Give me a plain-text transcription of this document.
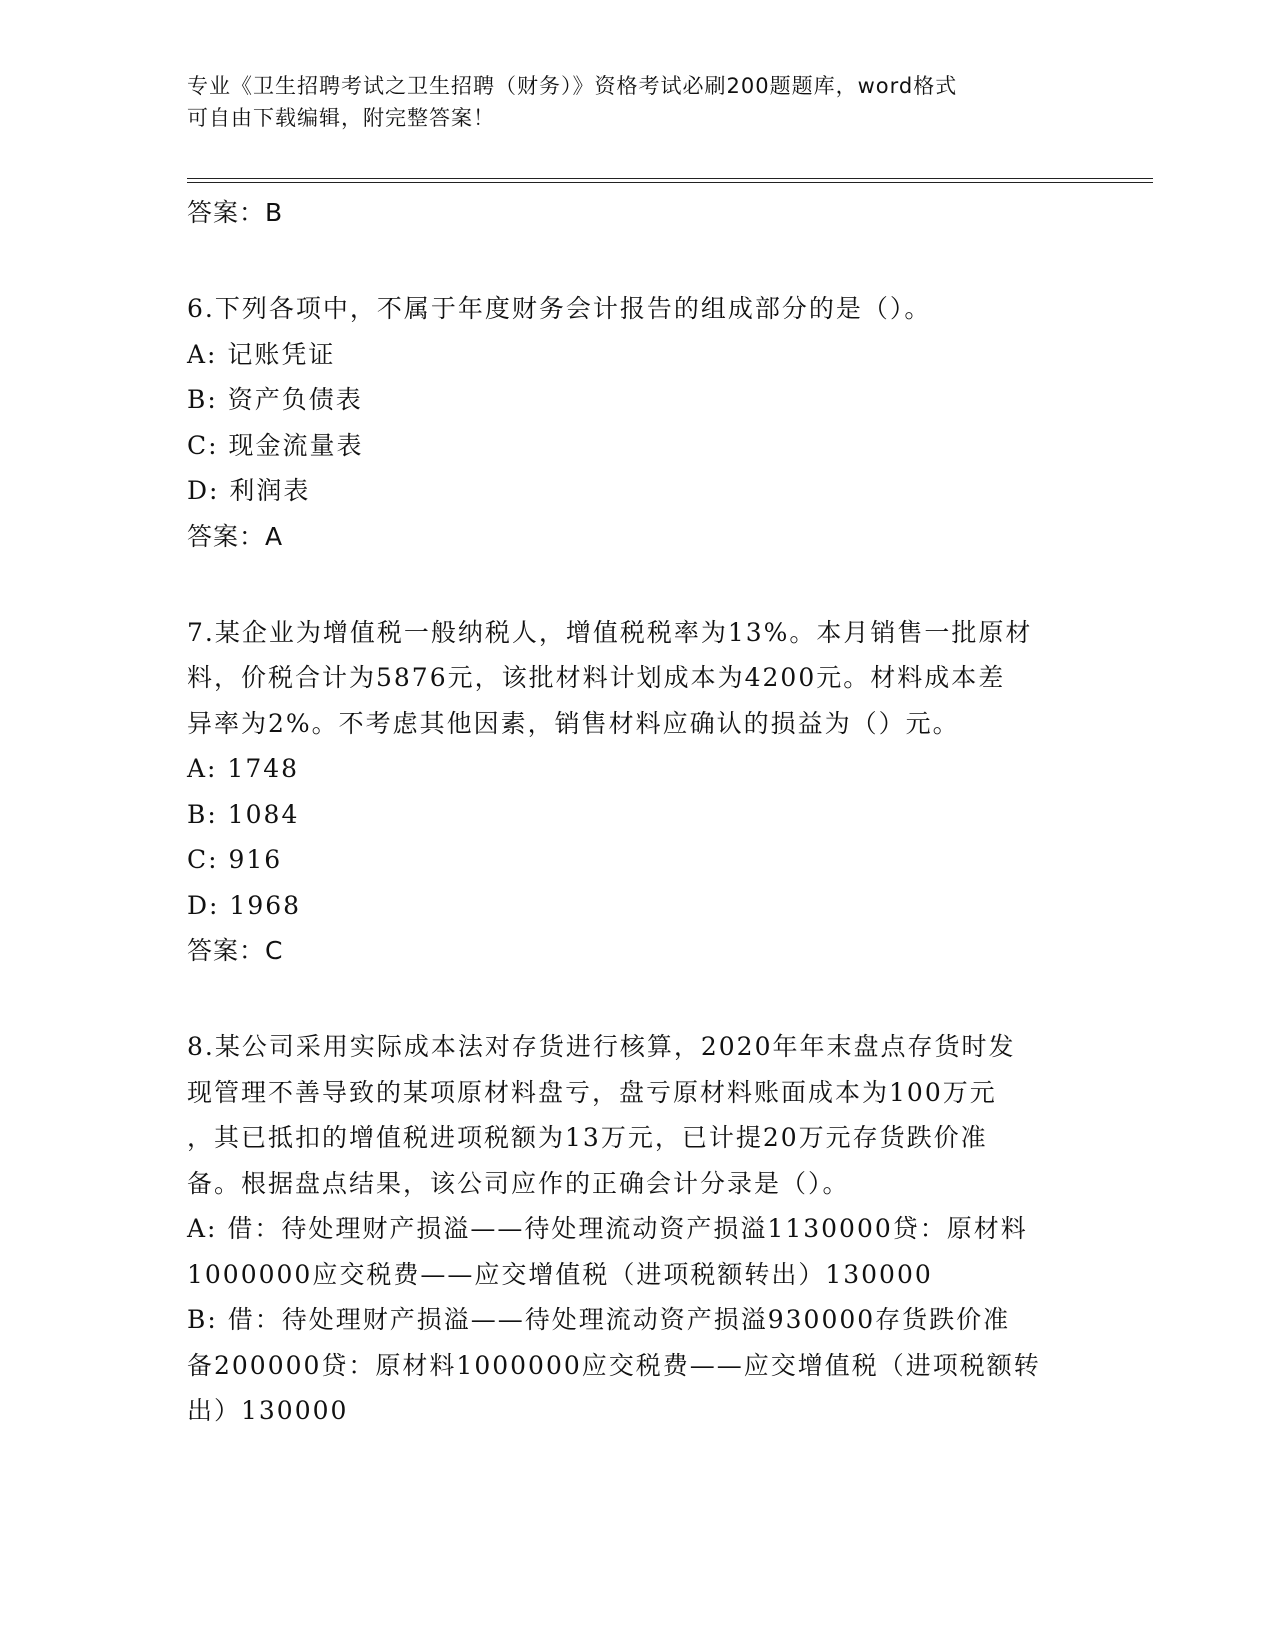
专业《卫生招聘考试之卫生招聘（财务）》资格考试必刷200题题库，word格式
可自由下载编辑，附完整答案！
答案：B
6.下列各项中，不属于年度财务会计报告的组成部分的是（）。
A: 记账凭证
B: 资产负债表
C: 现金流量表
D: 利润表
答案：A
7.某企业为增值税一般纳税人，增值税税率为13%。本月销售一批原材
料，价税合计为5876元，该批材料计划成本为4200元。材料成本差
异率为2%。不考虑其他因素，销售材料应确认的损益为（）元。
A: 1748
B: 1084
C: 916
D: 1968
答案：C
8.某公司采用实际成本法对存货进行核算，2020年年末盘点存货时发
现管理不善导致的某项原材料盘亏，盘亏原材料账面成本为100万元
，其已抵扣的增值税进项税额为13万元，已计提20万元存货跌价准
备。根据盘点结果，该公司应作的正确会计分录是（）。
A: 借：待处理财产损溢——待处理流动资产损溢1130000贷：原材料
1000000应交税费——应交增值税（进项税额转出）130000
B: 借：待处理财产损溢——待处理流动资产损溢930000存货跌价准
备200000贷：原材料1000000应交税费——应交增值税（进项税额转
出）130000
